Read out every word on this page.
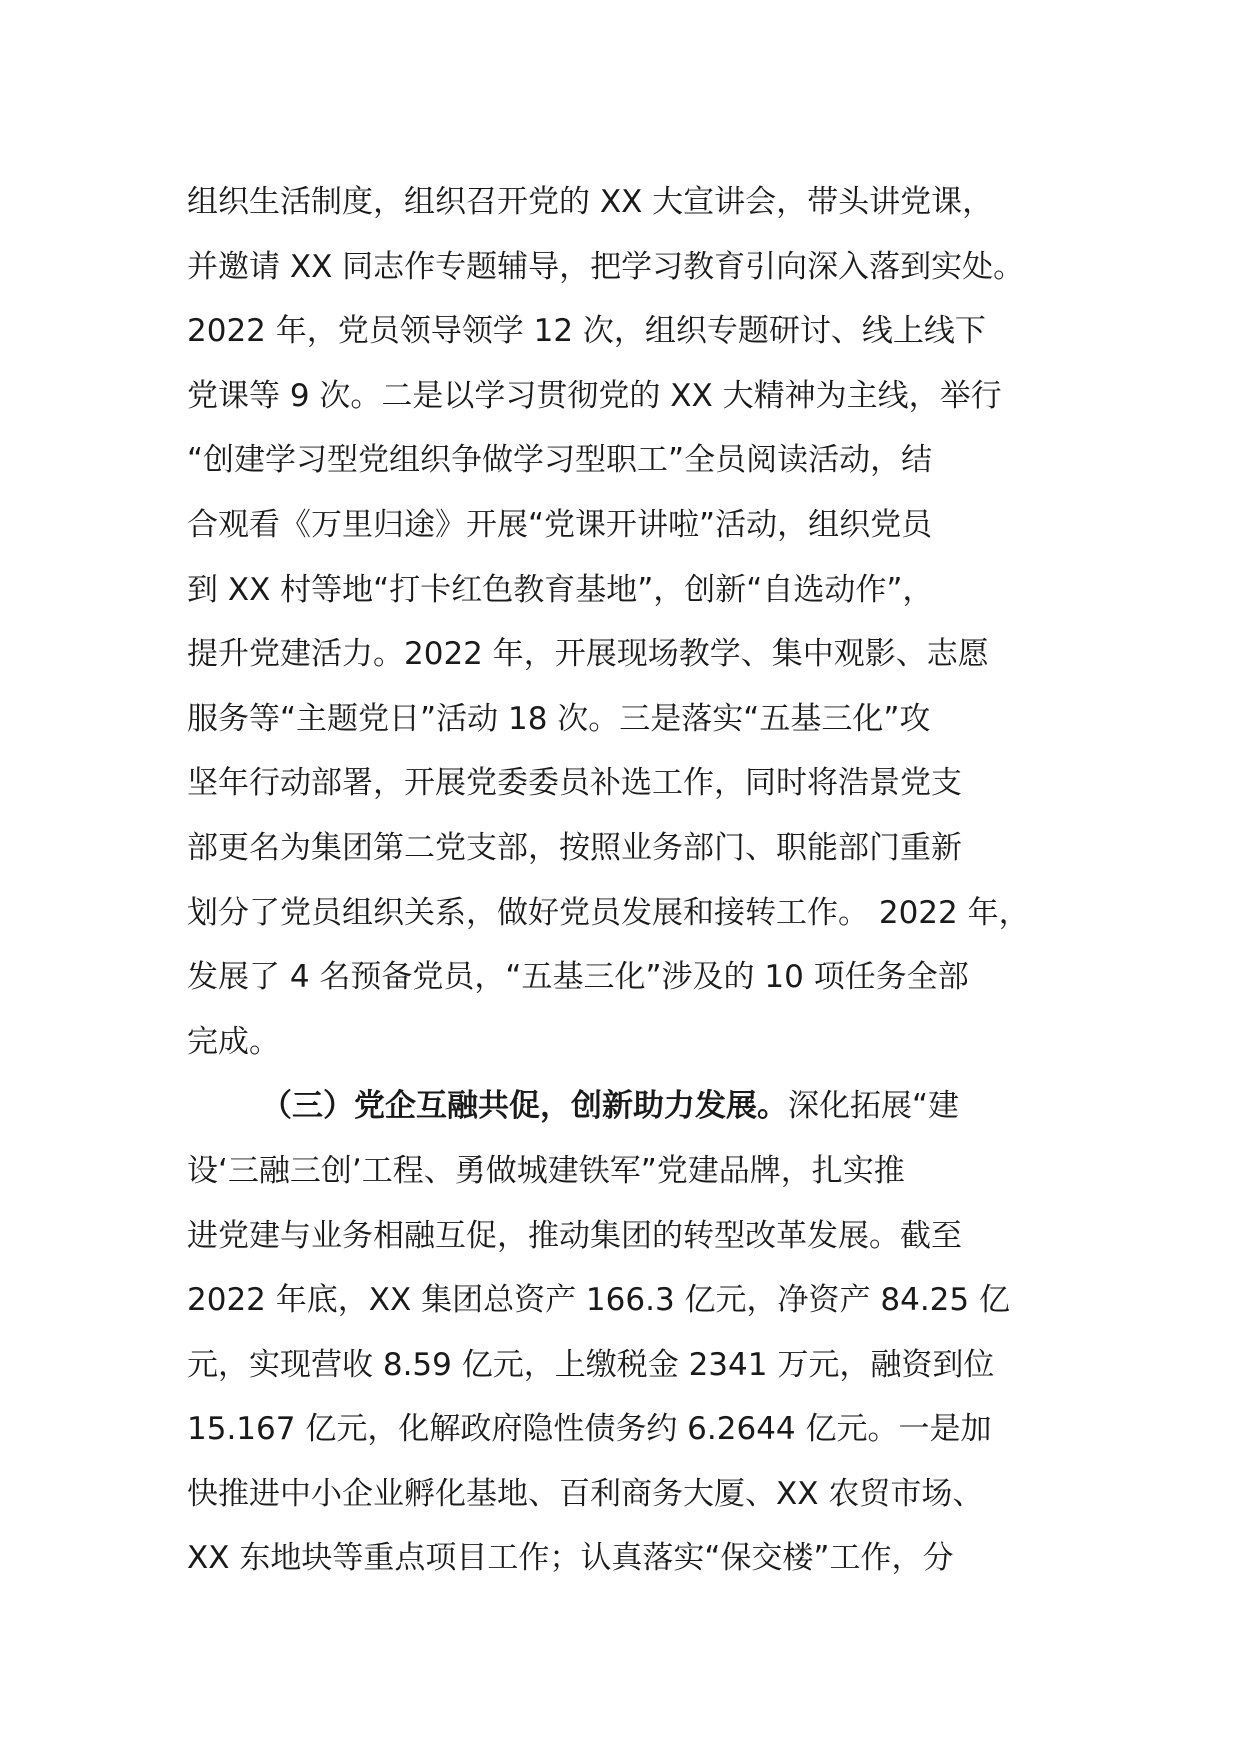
组织生活制度，组织召开党的 XX 大宣讲会，带头讲党课，
并邀请 XX 同志作专题辅导，把学习教育引向深入落到实处。
2022 年，党员领导领学 12 次，组织专题研讨、线上线下
党课等 9 次。二是以学习贯彻党的 XX 大精神为主线，举行
“创建学习型党组织争做学习型职工”全员阅读活动，结
合观看《万里归途》开展“党课开讲啦”活动，组织党员
到 XX 村等地“打卡红色教育基地”，创新“自选动作”，
提升党建活力。2022 年，开展现场教学、集中观影、志愿
服务等“主题党日”活动 18 次。三是落实“五基三化”攻
坚年行动部署，开展党委委员补选工作，同时将浩景党支
部更名为集团第二党支部，按照业务部门、职能部门重新
划分了党员组织关系，做好党员发展和接转工作。 2022 年，
发展了 4 名预备党员，“五基三化”涉及的 10 项任务全部
完成。
（三）党企互融共促，创新助力发展。深化拓展“建
设‘三融三创’工程、勇做城建铁军”党建品牌，扎实推
进党建与业务相融互促，推动集团的转型改革发展。截至
2022 年底，XX 集团总资产 166.3 亿元，净资产 84.25 亿
元，实现营收 8.59 亿元，上缴税金 2341 万元，融资到位
15.167 亿元，化解政府隐性债务约 6.2644 亿元。一是加
快推进中小企业孵化基地、百利商务大厦、XX 农贸市场、
XX 东地块等重点项目工作；认真落实“保交楼”工作，分
